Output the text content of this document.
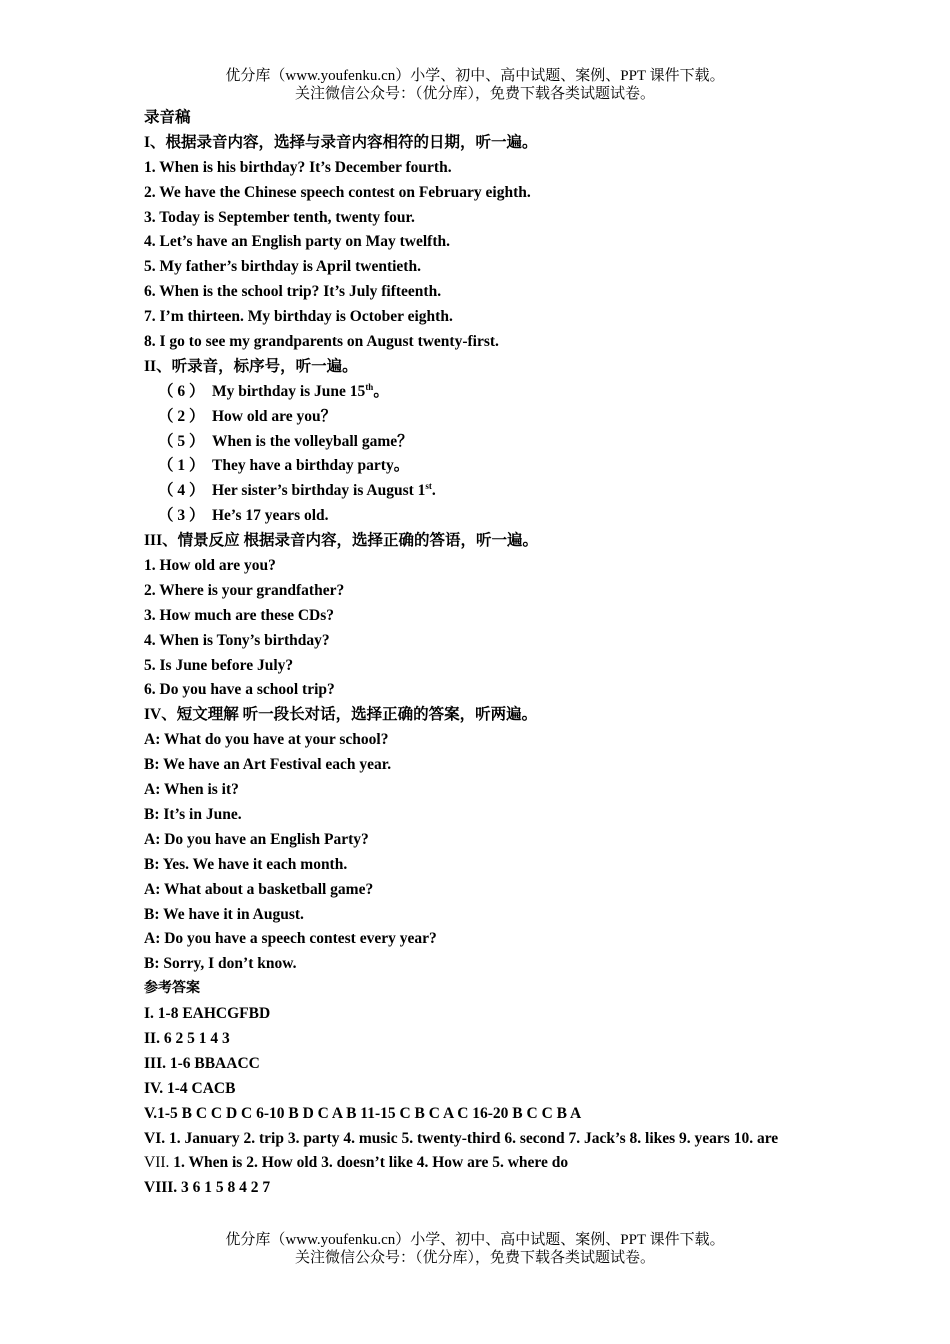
优分库（www.youfenku.cn）小学、初中、高中试题、案例、PPT 课件下载。
关注微信公众号：（优分库），免费下载各类试题试卷。
录音稿
I、根据录音内容，选择与录音内容相符的日期，听一遍。
1. When is his birthday? It’s December fourth.
2. We have the Chinese speech contest on February eighth.
3. Today is September tenth, twenty four.
4. Let’s have an English party on May twelfth.
5. My father’s birthday is April twentieth.
6. When is the school trip? It’s July fifteenth.
7. I’m thirteen. My birthday is October eighth.
8. I go to see my grandparents on August twenty-first.
II、听录音，标序号，听一遍。
（ 6 ） My birthday is June 15th。
（ 2 ） How old are you？
（ 5 ） When is the volleyball game？
（ 1 ） They have a birthday party。
（ 4 ） Her sister’s birthday is August 1st.
（ 3 ） He’s 17 years old.
III、情景反应 根据录音内容，选择正确的答语，听一遍。
1. How old are you?
2. Where is your grandfather?
3. How much are these CDs?
4. When is Tony’s birthday?
5. Is June before July?
6. Do you have a school trip?
IV、短文理解 听一段长对话，选择正确的答案，听两遍。
A: What do you have at your school?
B: We have an Art Festival each year.
A: When is it?
B: It’s in June.
A: Do you have an English Party?
B: Yes. We have it each month.
A: What about a basketball game?
B: We have it in August.
A: Do you have a speech contest every year?
B: Sorry, I don’t know.
参考答案
I. 1-8 EAHCGFBD
II. 6 2 5 1 4 3
III. 1-6 BBAACC
IV. 1-4 CACB
V.1-5 B C C D C 6-10 B D C A B 11-15 C B C A C 16-20 B C C B A
VI. 1. January 2. trip 3. party 4. music 5. twenty-third 6. second 7. Jack’s 8. likes 9. years 10. are
VII. 1. When is 2. How old 3. doesn’t like 4. How are 5. where do
VIII. 3 6 1 5 8 4 2 7
优分库（www.youfenku.cn）小学、初中、高中试题、案例、PPT 课件下载。
关注微信公众号：（优分库），免费下载各类试题试卷。
